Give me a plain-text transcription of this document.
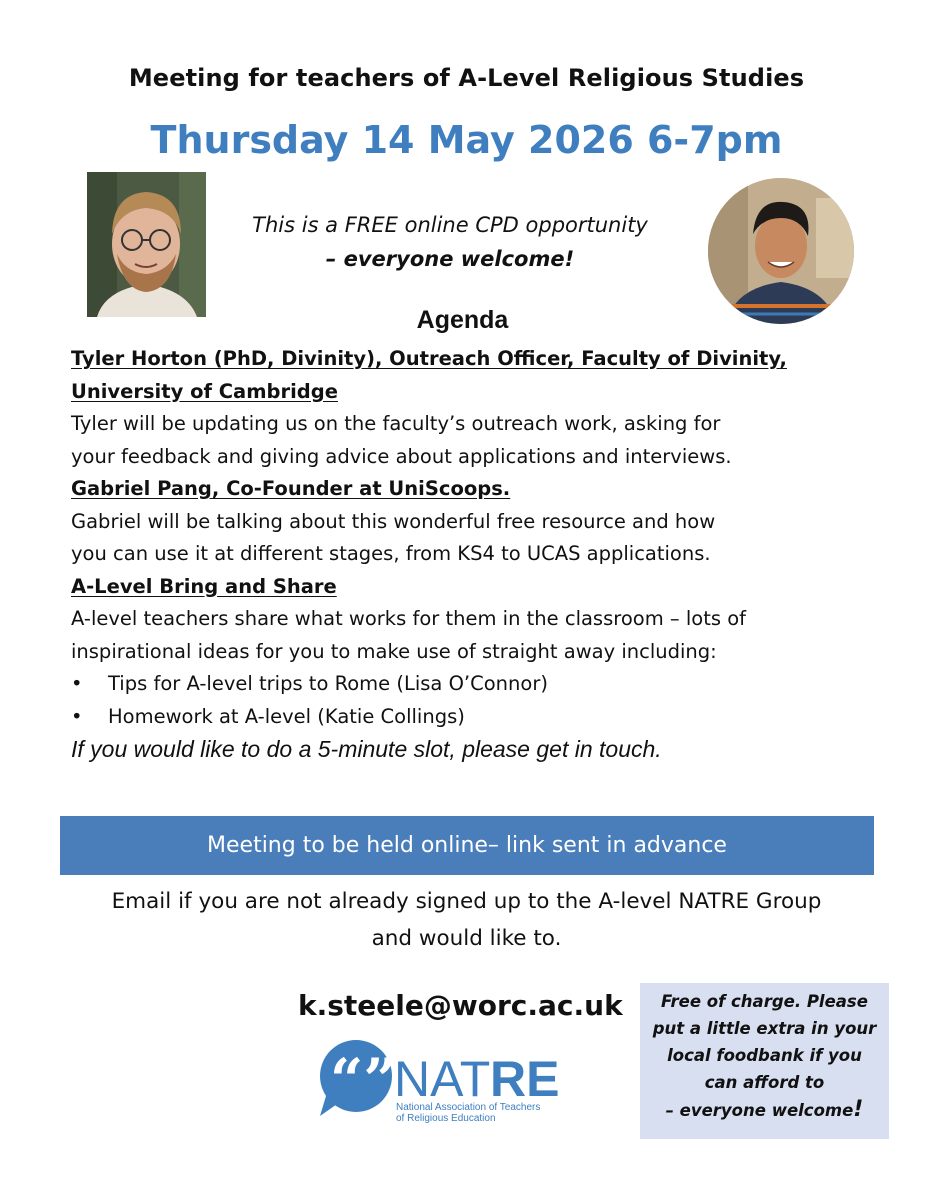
Meeting for teachers of A-Level Religious Studies
Thursday 14 May 2026 6-7pm
This is a FREE online CPD opportunity
– everyone welcome!
Agenda
Tyler Horton (PhD, Divinity), Outreach Officer, Faculty of Divinity,
University of Cambridge
Tyler will be updating us on the faculty’s outreach work, asking for
your feedback and giving advice about applications and interviews.
Gabriel Pang, Co-Founder at UniScoops.
Gabriel will be talking about this wonderful free resource and how
you can use it at different stages, from KS4 to UCAS applications.
A-Level Bring and Share
A-level teachers share what works for them in the classroom – lots of
inspirational ideas for you to make use of straight away including:
• Tips for A-level trips to Rome (Lisa O’Connor)
• Homework at A-level (Katie Collings)
If you would like to do a 5-minute slot, please get in touch.
Meeting to be held online– link sent in advance
Email if you are not already signed up to the A-level NATRE Group
and would like to.
k.steele@worc.ac.uk
“”
NAT RE
National Association of Teachers
of Religious Education
Free of charge. Please
put a little extra in your
local foodbank if you
can afford to
– everyone welcome!
